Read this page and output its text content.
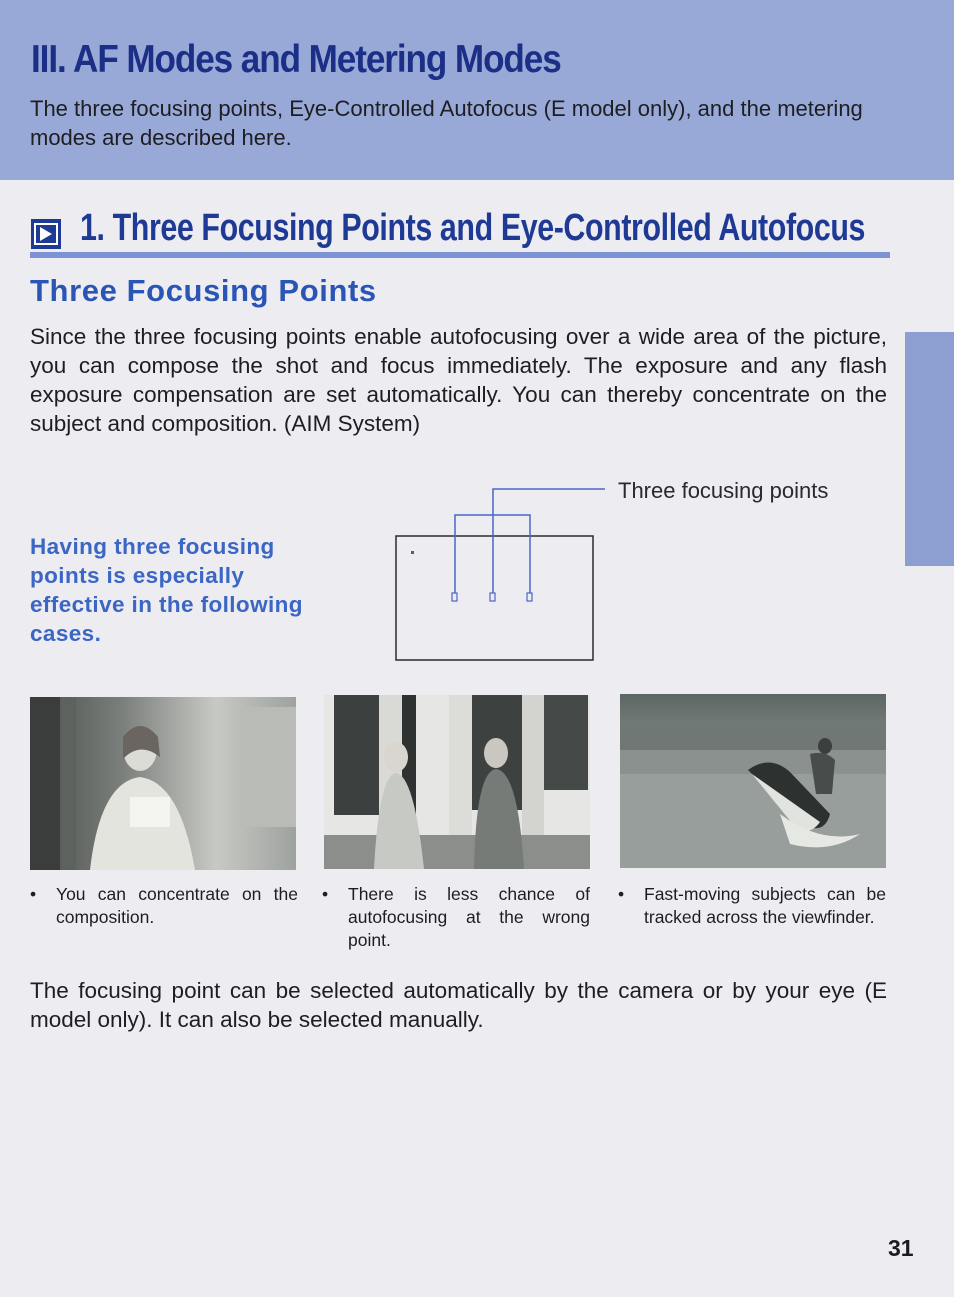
III. AF Modes and Metering Modes

The three focusing points, Eye-Controlled Autofocus (E model only), and the metering modes are described here.

1. Three Focusing Points and Eye-Controlled Autofocus
Three Focusing Points

Since the three focusing points enable autofocusing over a wide area of the picture, you can compose the shot and focus immediately. The exposure and any flash exposure compensation are set automatically. You can thereby concentrate on the subject and composition. (AIM System)

Three focusing points

Having three focusing points is especially effective in the following cases.

•	You can concentrate on the composition.

•	There is less chance of autofocusing at the wrong point.

•	Fast-moving subjects can be tracked across the viewfinder.

The focusing point can be selected automatically by the camera or by your eye (E model only). It can also be selected manually.

31
